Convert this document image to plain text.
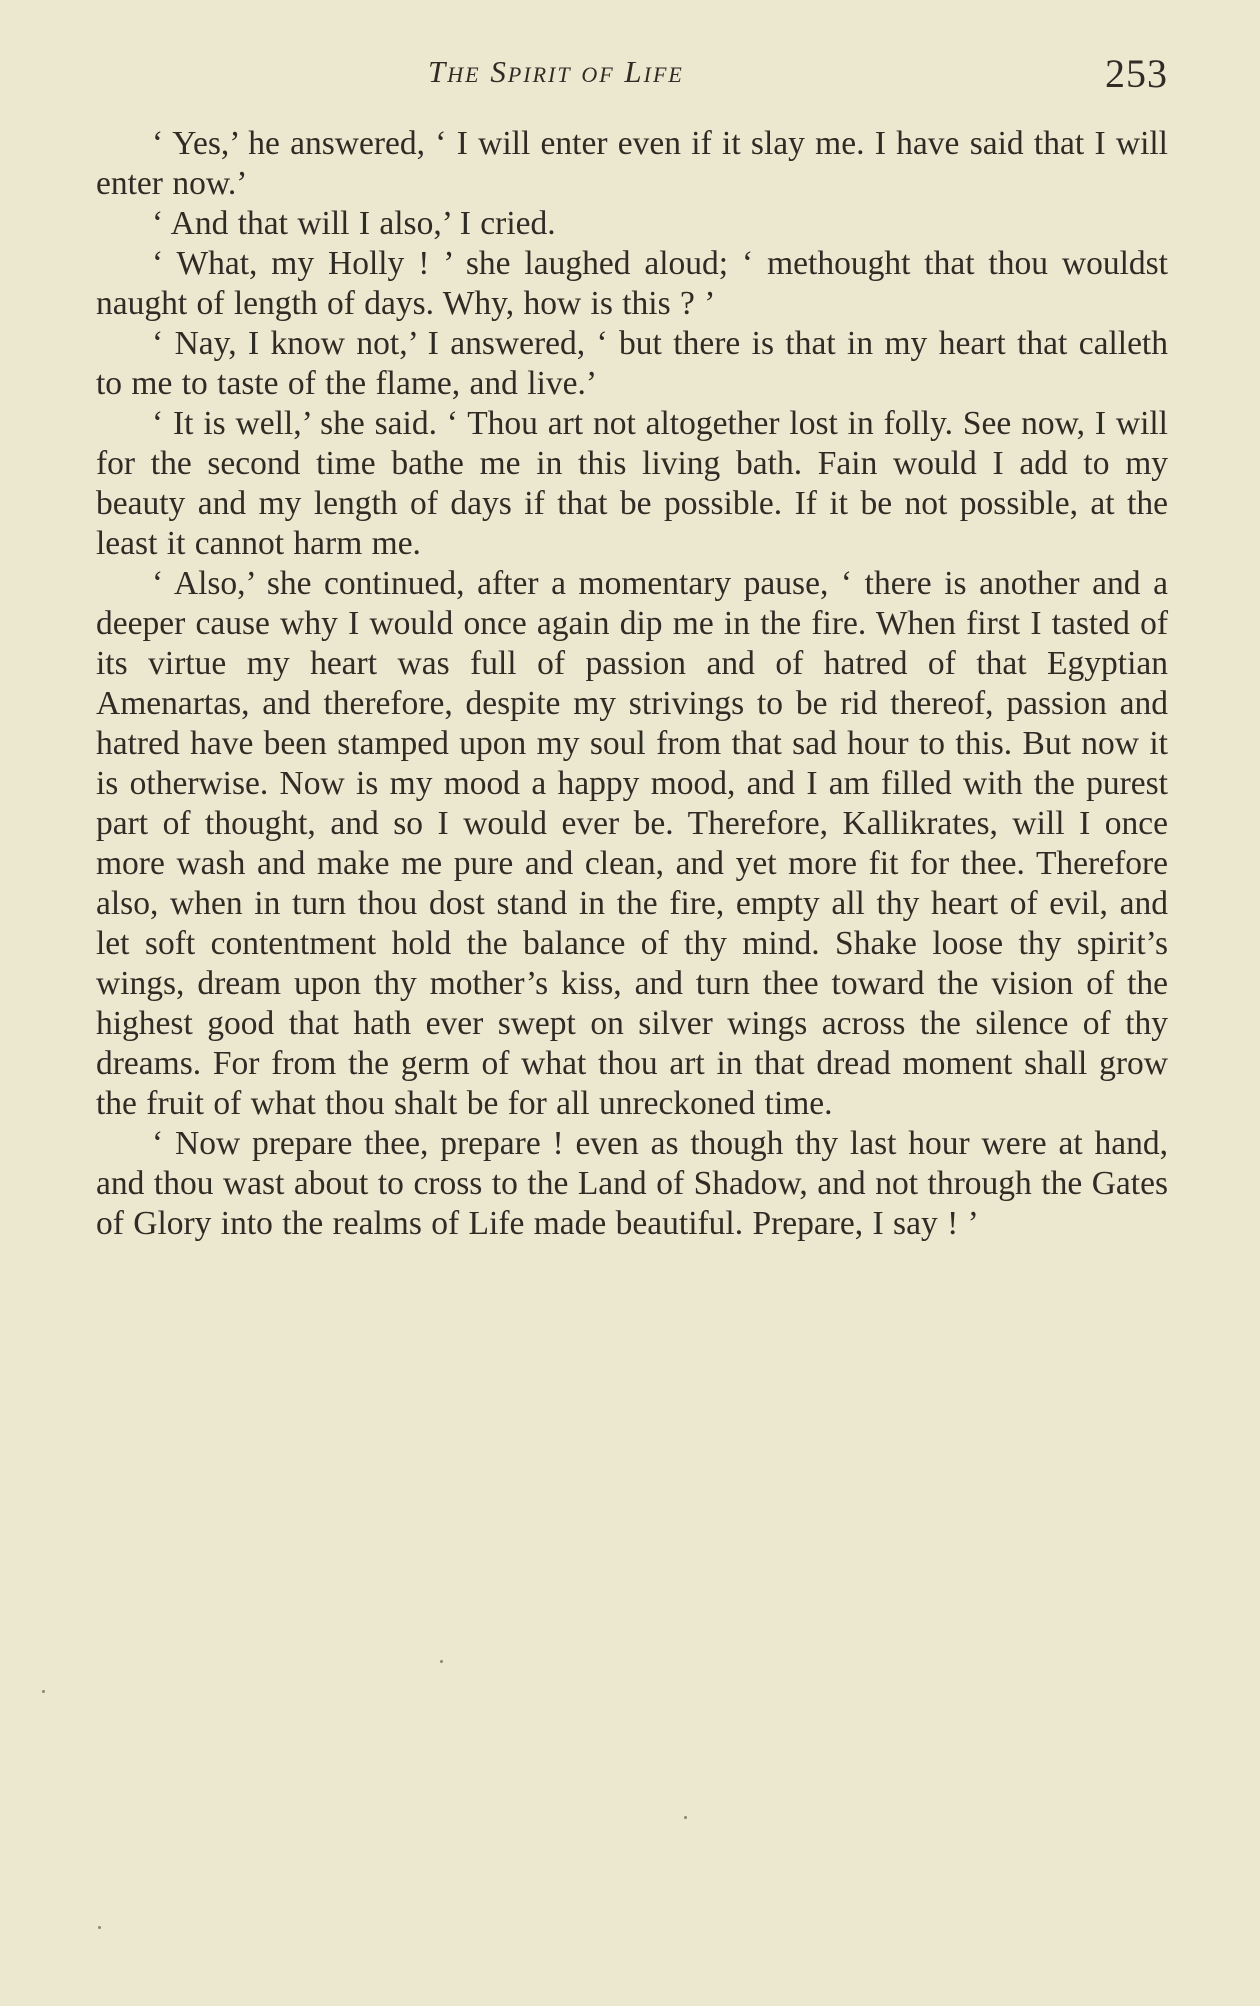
The Spirit of Life	253

‘ Yes,’ he answered, ‘ I will enter even if it slay me. I have said that I will enter now.’

‘ And that will I also,’ I cried.

‘ What, my Holly ! ’ she laughed aloud; ‘ methought that thou wouldst naught of length of days. Why, how is this ? ’

‘ Nay, I know not,’ I answered, ‘ but there is that in my heart that calleth to me to taste of the flame, and live.’

‘ It is well,’ she said. ‘ Thou art not altogether lost in folly. See now, I will for the second time bathe me in this living bath. Fain would I add to my beauty and my length of days if that be possible. If it be not possible, at the least it cannot harm me.

‘ Also,’ she continued, after a momentary pause, ‘ there is another and a deeper cause why I would once again dip me in the fire. When first I tasted of its virtue my heart was full of passion and of hatred of that Egyptian Amenartas, and therefore, despite my strivings to be rid thereof, passion and hatred have been stamped upon my soul from that sad hour to this. But now it is otherwise. Now is my mood a happy mood, and I am filled with the purest part of thought, and so I would ever be. Therefore, Kallikrates, will I once more wash and make me pure and clean, and yet more fit for thee. Therefore also, when in turn thou dost stand in the fire, empty all thy heart of evil, and let soft contentment hold the balance of thy mind. Shake loose thy spirit’s wings, dream upon thy mother’s kiss, and turn thee toward the vision of the highest good that hath ever swept on silver wings across the silence of thy dreams. For from the germ of what thou art in that dread moment shall grow the fruit of what thou shalt be for all unreckoned time.

‘ Now prepare thee, prepare ! even as though thy last hour were at hand, and thou wast about to cross to the Land of Shadow, and not through the Gates of Glory into the realms of Life made beautiful. Prepare, I say ! ’
